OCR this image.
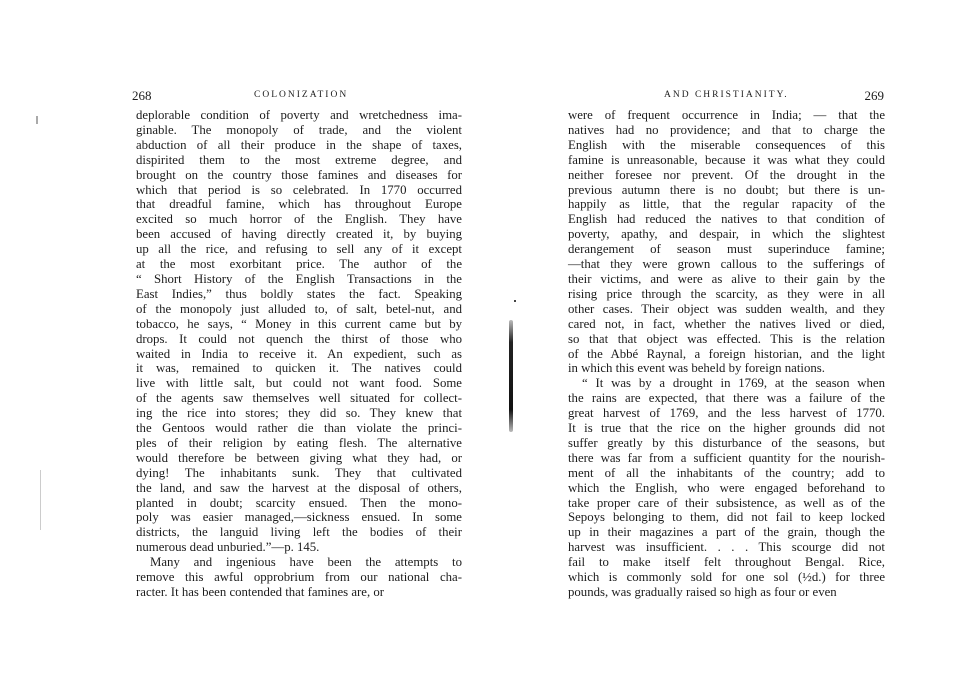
268	COLONIZATION
deplorable condition of poverty and wretchedness ima-
ginable. The monopoly of trade, and the violent
abduction of all their produce in the shape of taxes,
dispirited them to the most extreme degree, and
brought on the country those famines and diseases for
which that period is so celebrated. In 1770 occurred
that dreadful famine, which has throughout Europe
excited so much horror of the English. They have
been accused of having directly created it, by buying
up all the rice, and refusing to sell any of it except
at the most exorbitant price. The author of the
“ Short History of the English Transactions in the
East Indies,” thus boldly states the fact. Speaking
of the monopoly just alluded to, of salt, betel-nut, and
tobacco, he says, “ Money in this current came but by
drops. It could not quench the thirst of those who
waited in India to receive it. An expedient, such as
it was, remained to quicken it. The natives could
live with little salt, but could not want food. Some
of the agents saw themselves well situated for collect-
ing the rice into stores; they did so. They knew that
the Gentoos would rather die than violate the princi-
ples of their religion by eating flesh. The alternative
would therefore be between giving what they had, or
dying! The inhabitants sunk. They that cultivated
the land, and saw the harvest at the disposal of others,
planted in doubt; scarcity ensued. Then the mono-
poly was easier managed,—sickness ensued. In some
districts, the languid living left the bodies of their
numerous dead unburied.”—p. 145.
Many and ingenious have been the attempts to
remove this awful opprobrium from our national cha-
racter. It has been contended that famines are, or
AND CHRISTIANITY.	269
were of frequent occurrence in India; — that the
natives had no providence; and that to charge the
English with the miserable consequences of this
famine is unreasonable, because it was what they could
neither foresee nor prevent. Of the drought in the
previous autumn there is no doubt; but there is un-
happily as little, that the regular rapacity of the
English had reduced the natives to that condition of
poverty, apathy, and despair, in which the slightest
derangement of season must superinduce famine;
—that they were grown callous to the sufferings of
their victims, and were as alive to their gain by the
rising price through the scarcity, as they were in all
other cases. Their object was sudden wealth, and they
cared not, in fact, whether the natives lived or died,
so that that object was effected. This is the relation
of the Abbé Raynal, a foreign historian, and the light
in which this event was beheld by foreign nations.
“ It was by a drought in 1769, at the season when
the rains are expected, that there was a failure of the
great harvest of 1769, and the less harvest of 1770.
It is true that the rice on the higher grounds did not
suffer greatly by this disturbance of the seasons, but
there was far from a sufficient quantity for the nourish-
ment of all the inhabitants of the country; add to
which the English, who were engaged beforehand to
take proper care of their subsistence, as well as of the
Sepoys belonging to them, did not fail to keep locked
up in their magazines a part of the grain, though the
harvest was insufficient. . . . This scourge did not
fail to make itself felt throughout Bengal. Rice,
which is commonly sold for one sol (½d.) for three
pounds, was gradually raised so high as four or even
